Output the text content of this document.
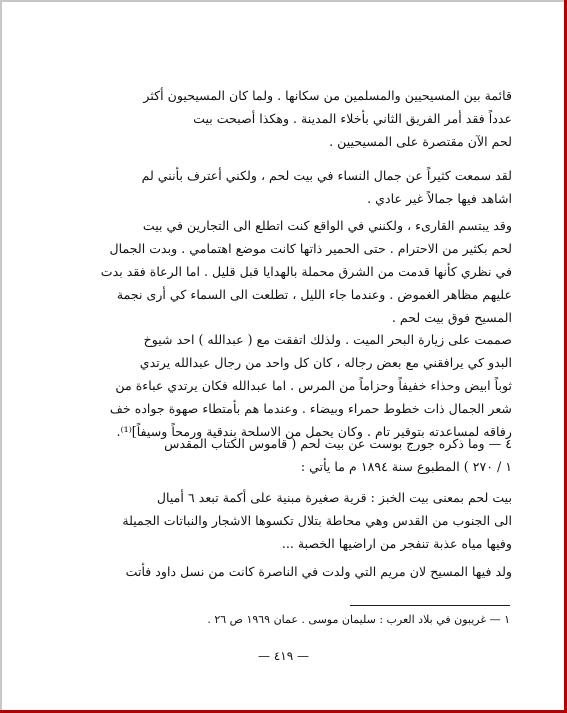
قائمة بين المسيحيين والمسلمين من سكانها . ولما كان المسيحيون أكثر
عدداً فقد أمر الفريق الثاني بأخلاء المدينة . وهكذا أصبحت بيت
لحم الآن مقتصرة على المسيحيين .
لقد سمعت كثيراً عن جمال النساء في بيت لحم ، ولكني أعترف بأنني لم
اشاهد فيها جمالاً غير عادي .
وقد يبتسم القارىء ، ولكنني في الواقع كنت اتطلع الى التجارين في بيت
لحم بكثير من الاحترام . حتى الحمير ذاتها كانت موضع اهتمامي . وبدت الجمال
في نظري كأنها قدمت من الشرق محملة بالهدايا قبل قليل . اما الرعاة فقد بدت
عليهم مظاهر الغموض . وعندما جاء الليل ، تطلعت الى السماء كي أرى نجمة
المسيح فوق بيت لحم .
صممت على زيارة البحر الميت . ولذلك اتفقت مع ( عبدالله ) احد شيوخ
البدو كي يرافقني مع بعض رجاله ، كان كل واحد من رجال عبدالله يرتدي
ثوباً ابيض وحذاء خفيفاً وحزاماً من المرس . اما عبدالله فكان يرتدي عباءة من
شعر الجمال ذات خطوط حمراء وبيضاء . وعندما هم بأمتطاء صهوة جواده خف
رفاقه لمساعدته بتوقير تام . وكان يحمل من الاسلحة بندقية ورمحاً وسيفاً]⁽¹⁾.
٤ — وما ذكره جورج بوست عن بيت لحم ( قاموس الكتاب المقدس
١ / ٢٧٠ ) المطبوع سنة ١٨٩٤ م ما يأتي :
بيت لحم بمعنى بيت الخبز : قرية صغيرة مبنية على أكمة تبعد ٦ أميال
الى الجنوب من القدس وهي محاطة بتلال تكسوها الاشجار والنباتات الجميلة
وفيها مياه عذبة تنفجر من اراضيها الخصبة ...
ولد فيها المسيح لان مريم التي ولدت في الناصرة كانت من نسل داود فأتت
١ — غريبون في بلاد العرب : سليمان موسى . عمان ١٩٦٩ ص ٢٦ .
— ٤١٩ —
